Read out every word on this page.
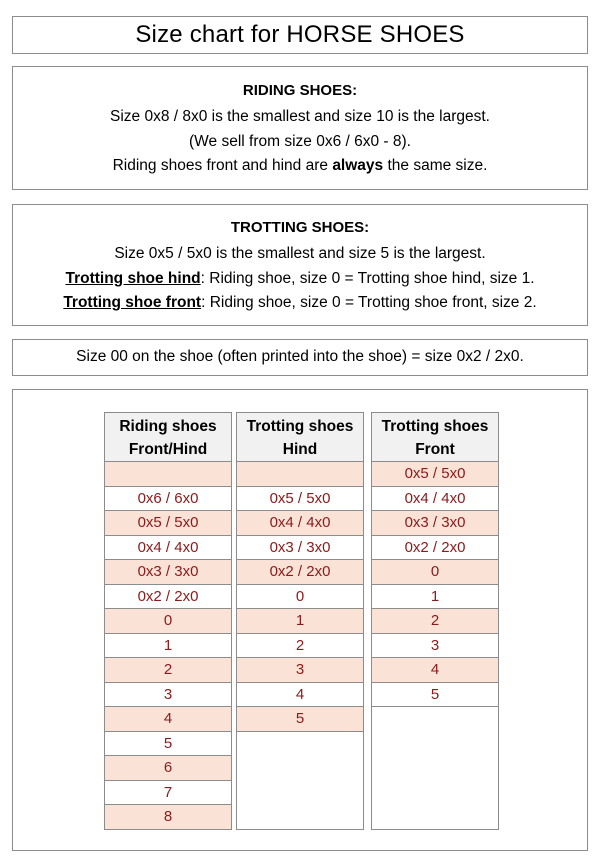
Size chart for HORSE SHOES
RIDING SHOES:
Size 0x8 / 8x0 is the smallest and size 10 is the largest.
(We sell from size 0x6 / 6x0 - 8).
Riding shoes front and hind are always the same size.
TROTTING SHOES:
Size 0x5 / 5x0 is the smallest and size 5 is the largest.
Trotting shoe hind: Riding shoe, size 0 = Trotting shoe hind, size 1.
Trotting shoe front: Riding shoe, size 0 = Trotting shoe front, size 2.
Size 00 on the shoe (often printed into the shoe) = size 0x2 / 2x0.
Riding shoes
Front/Hind
0x6 / 6x0
0x5 / 5x0
0x4 / 4x0
0x3 / 3x0
0x2 / 2x0
0
1
2
3
4
5
6
7
8
Trotting shoes
Hind
0x5 / 5x0
0x4 / 4x0
0x3 / 3x0
0x2 / 2x0
0
1
2
3
4
5
Trotting shoes
Front
0x5 / 5x0
0x4 / 4x0
0x3 / 3x0
0x2 / 2x0
0
1
2
3
4
5
